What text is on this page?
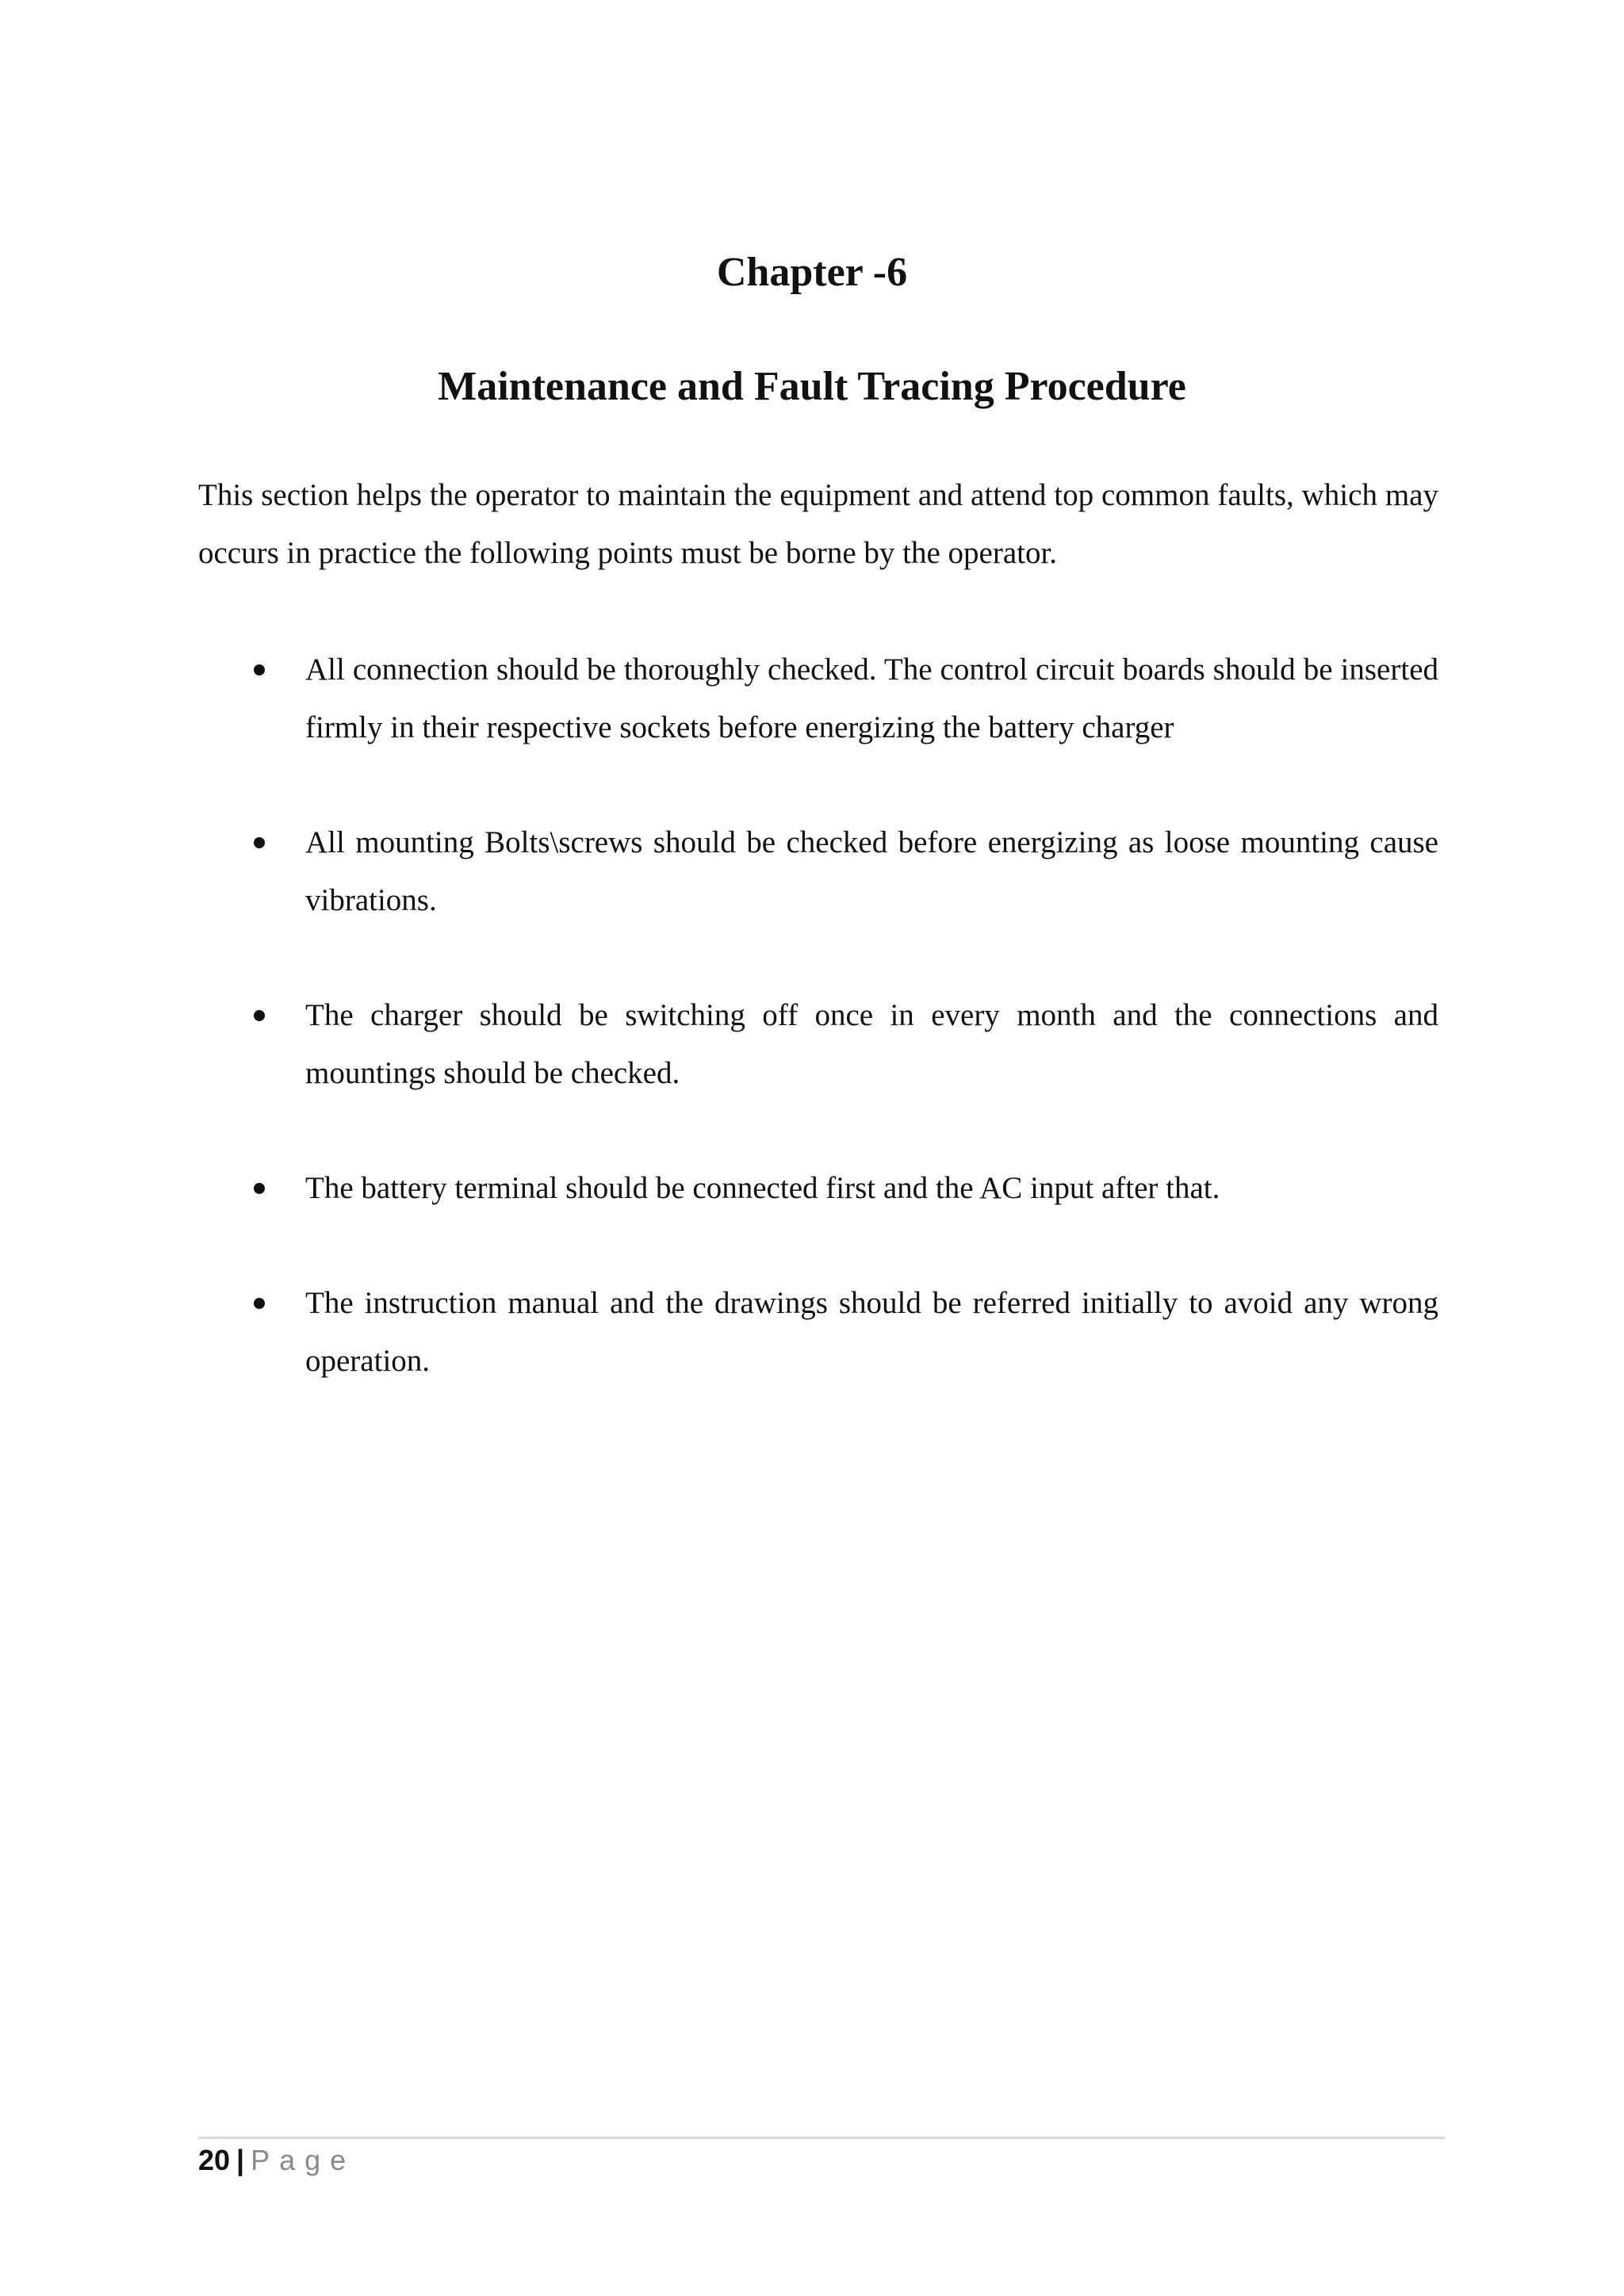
Chapter -6
Maintenance and Fault Tracing Procedure

This section helps the operator to maintain the equipment and attend top common faults, which may occurs in practice the following points must be borne by the operator.

All connection should be thoroughly checked. The control circuit boards should be inserted firmly in their respective sockets before energizing the battery charger
All mounting Bolts\screws should be checked before energizing as loose mounting cause vibrations.
The charger should be switching off once in every month and the connections and mountings should be checked.
The battery terminal should be connected first and the AC input after that.
The instruction manual and the drawings should be referred initially to avoid any wrong operation.
20 | Page
